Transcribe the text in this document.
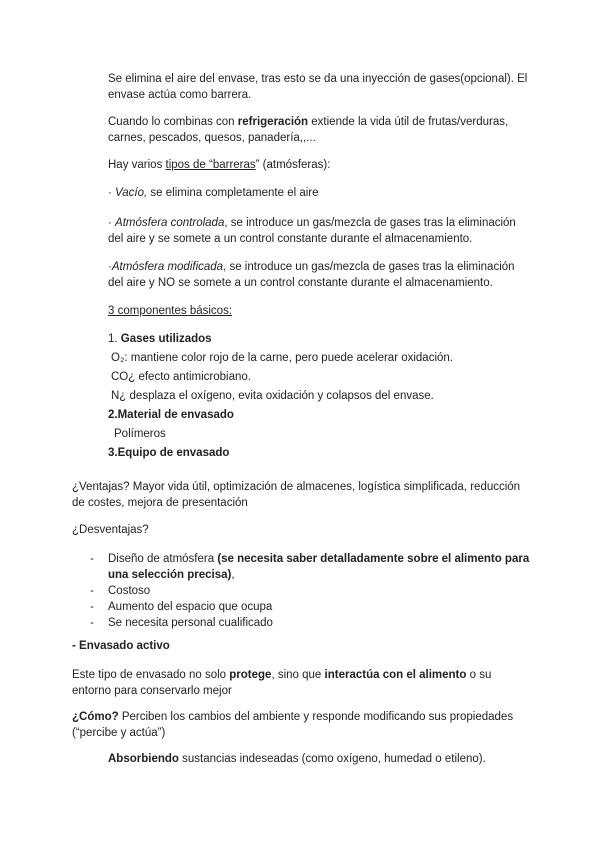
Se elimina el aire del envase, tras esto se da una inyección de gases(opcional). El envase actúa como barrera.

Cuando lo combinas con refrigeración extiende la vida útil de frutas/verduras, carnes, pescados, quesos, panadería,,...

Hay varios tipos de “barreras” (atmósferas):

· Vacío, se elimina completamente el aire

· Atmósfera controlada, se introduce un gas/mezcla de gases tras la eliminación del aire y se somete a un control constante durante el almacenamiento.

·Atmósfera modificada, se introduce un gas/mezcla de gases tras la eliminación del aire y NO se somete a un control constante durante el almacenamiento.

3 componentes básicos:

1. Gases utilizados

O₂: mantiene color rojo de la carne, pero puede acelerar oxidación.

CO¿ efecto antimicrobiano.

N¿ desplaza el oxígeno, evita oxidación y colapsos del envase.

2.Material de envasado

Polímeros

3.Equipo de envasado

¿Ventajas? Mayor vida útil, optimización de almacenes, logística simplificada, reducción de costes, mejora de presentación

¿Desventajas?

- Diseño de atmósfera (se necesita saber detalladamente sobre el alimento para una selección precisa),
- Costoso
- Aumento del espacio que ocupa
- Se necesita personal cualificado

- Envasado activo

Este tipo de envasado no solo protege, sino que interactúa con el alimento o su entorno para conservarlo mejor

¿Cómo? Perciben los cambios del ambiente y responde modificando sus propiedades (“percibe y actúa”)

Absorbiendo sustancias indeseadas (como oxígeno, humedad o etileno).
